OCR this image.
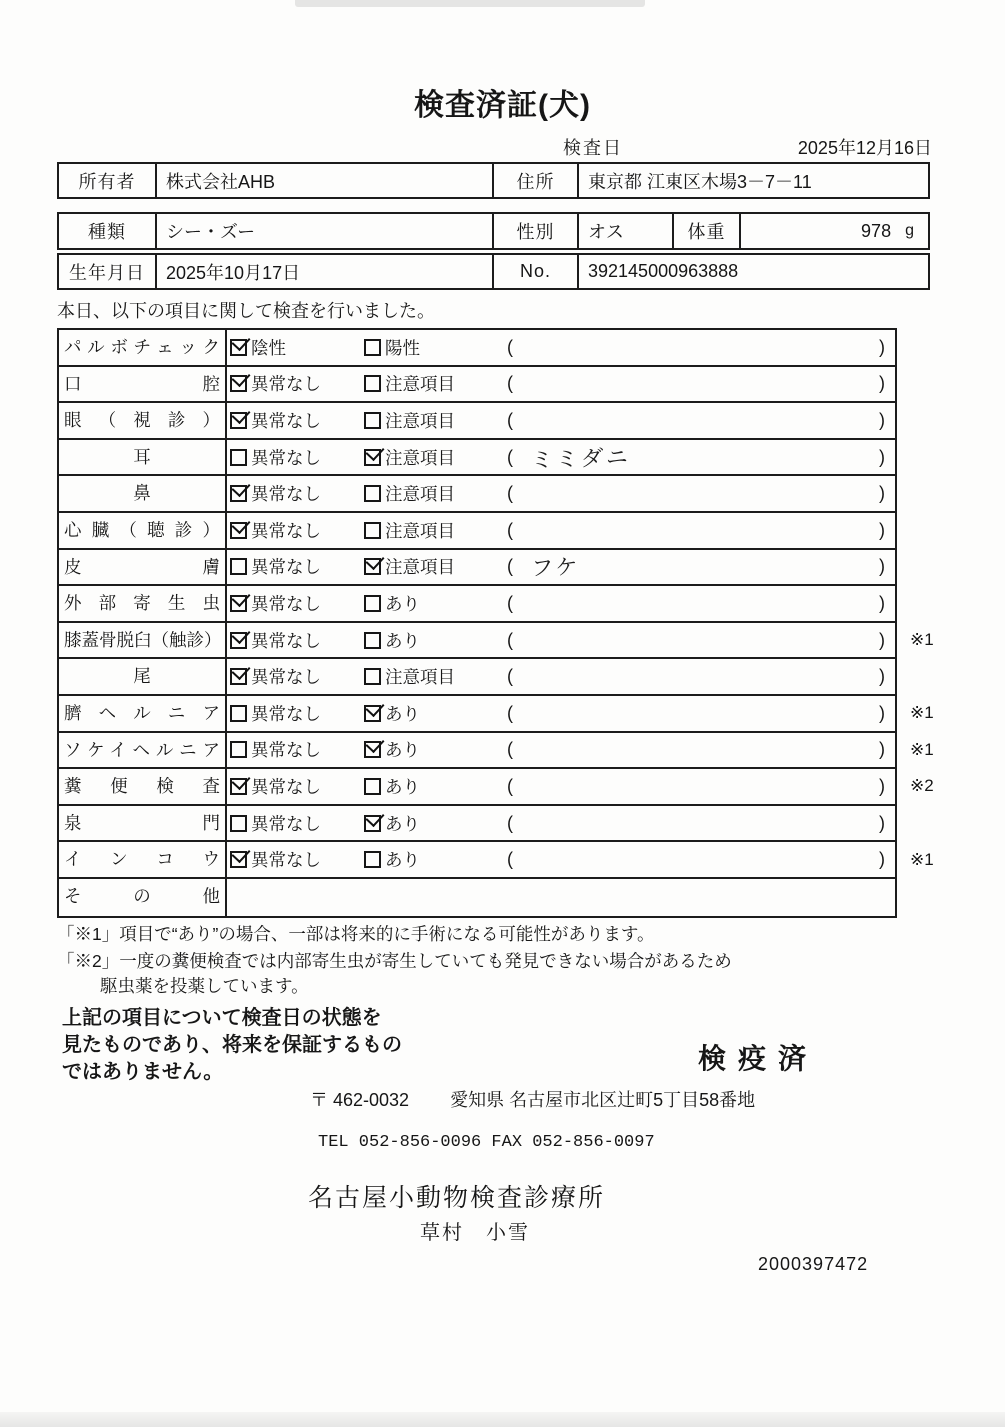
検査済証(犬)
検査日	2025年12月16日
所有者	株式会社AHB	住所	東京都 江東区木場3－7－11
種類	シー・ズー	性別	オス	体重	978 g
生年月日	2025年10月17日	No.	392145000963888
本日、以下の項目に関して検査を行いました。
パルボチェック	陰性	陽性	(	)
口腔	異常なし	注意項目	(	)
眼（視診）	異常なし	注意項目	(	)
耳	異常なし	注意項目	( ミミダニ	)
鼻	異常なし	注意項目	(	)
心臓（聴診）	異常なし	注意項目	(	)
皮膚	異常なし	注意項目	( フケ	)
外部寄生虫	異常なし	あり	(	)
膝蓋骨脱臼（触診）	異常なし	あり	(	) ※1
尾	異常なし	注意項目	(	)
臍ヘルニア	異常なし	あり	(	) ※1
ソケイヘルニア	異常なし	あり	(	) ※1
糞便検査	異常なし	あり	(	) ※2
泉門	異常なし	あり	(	)
インコウ	異常なし	あり	(	) ※1
その他
「※1」項目で“あり”の場合、一部は将来的に手術になる可能性があります。
「※2」一度の糞便検査では内部寄生虫が寄生していても発見できない場合があるため
駆虫薬を投薬しています。
上記の項目について検査日の状態を
見たものであり、将来を保証するもの
ではありません。	検疫済
〒 462-0032 愛知県 名古屋市北区辻町5丁目58番地
TEL 052-856-0096 FAX 052-856-0097
名古屋小動物検査診療所
草村　小雪
2000397472
